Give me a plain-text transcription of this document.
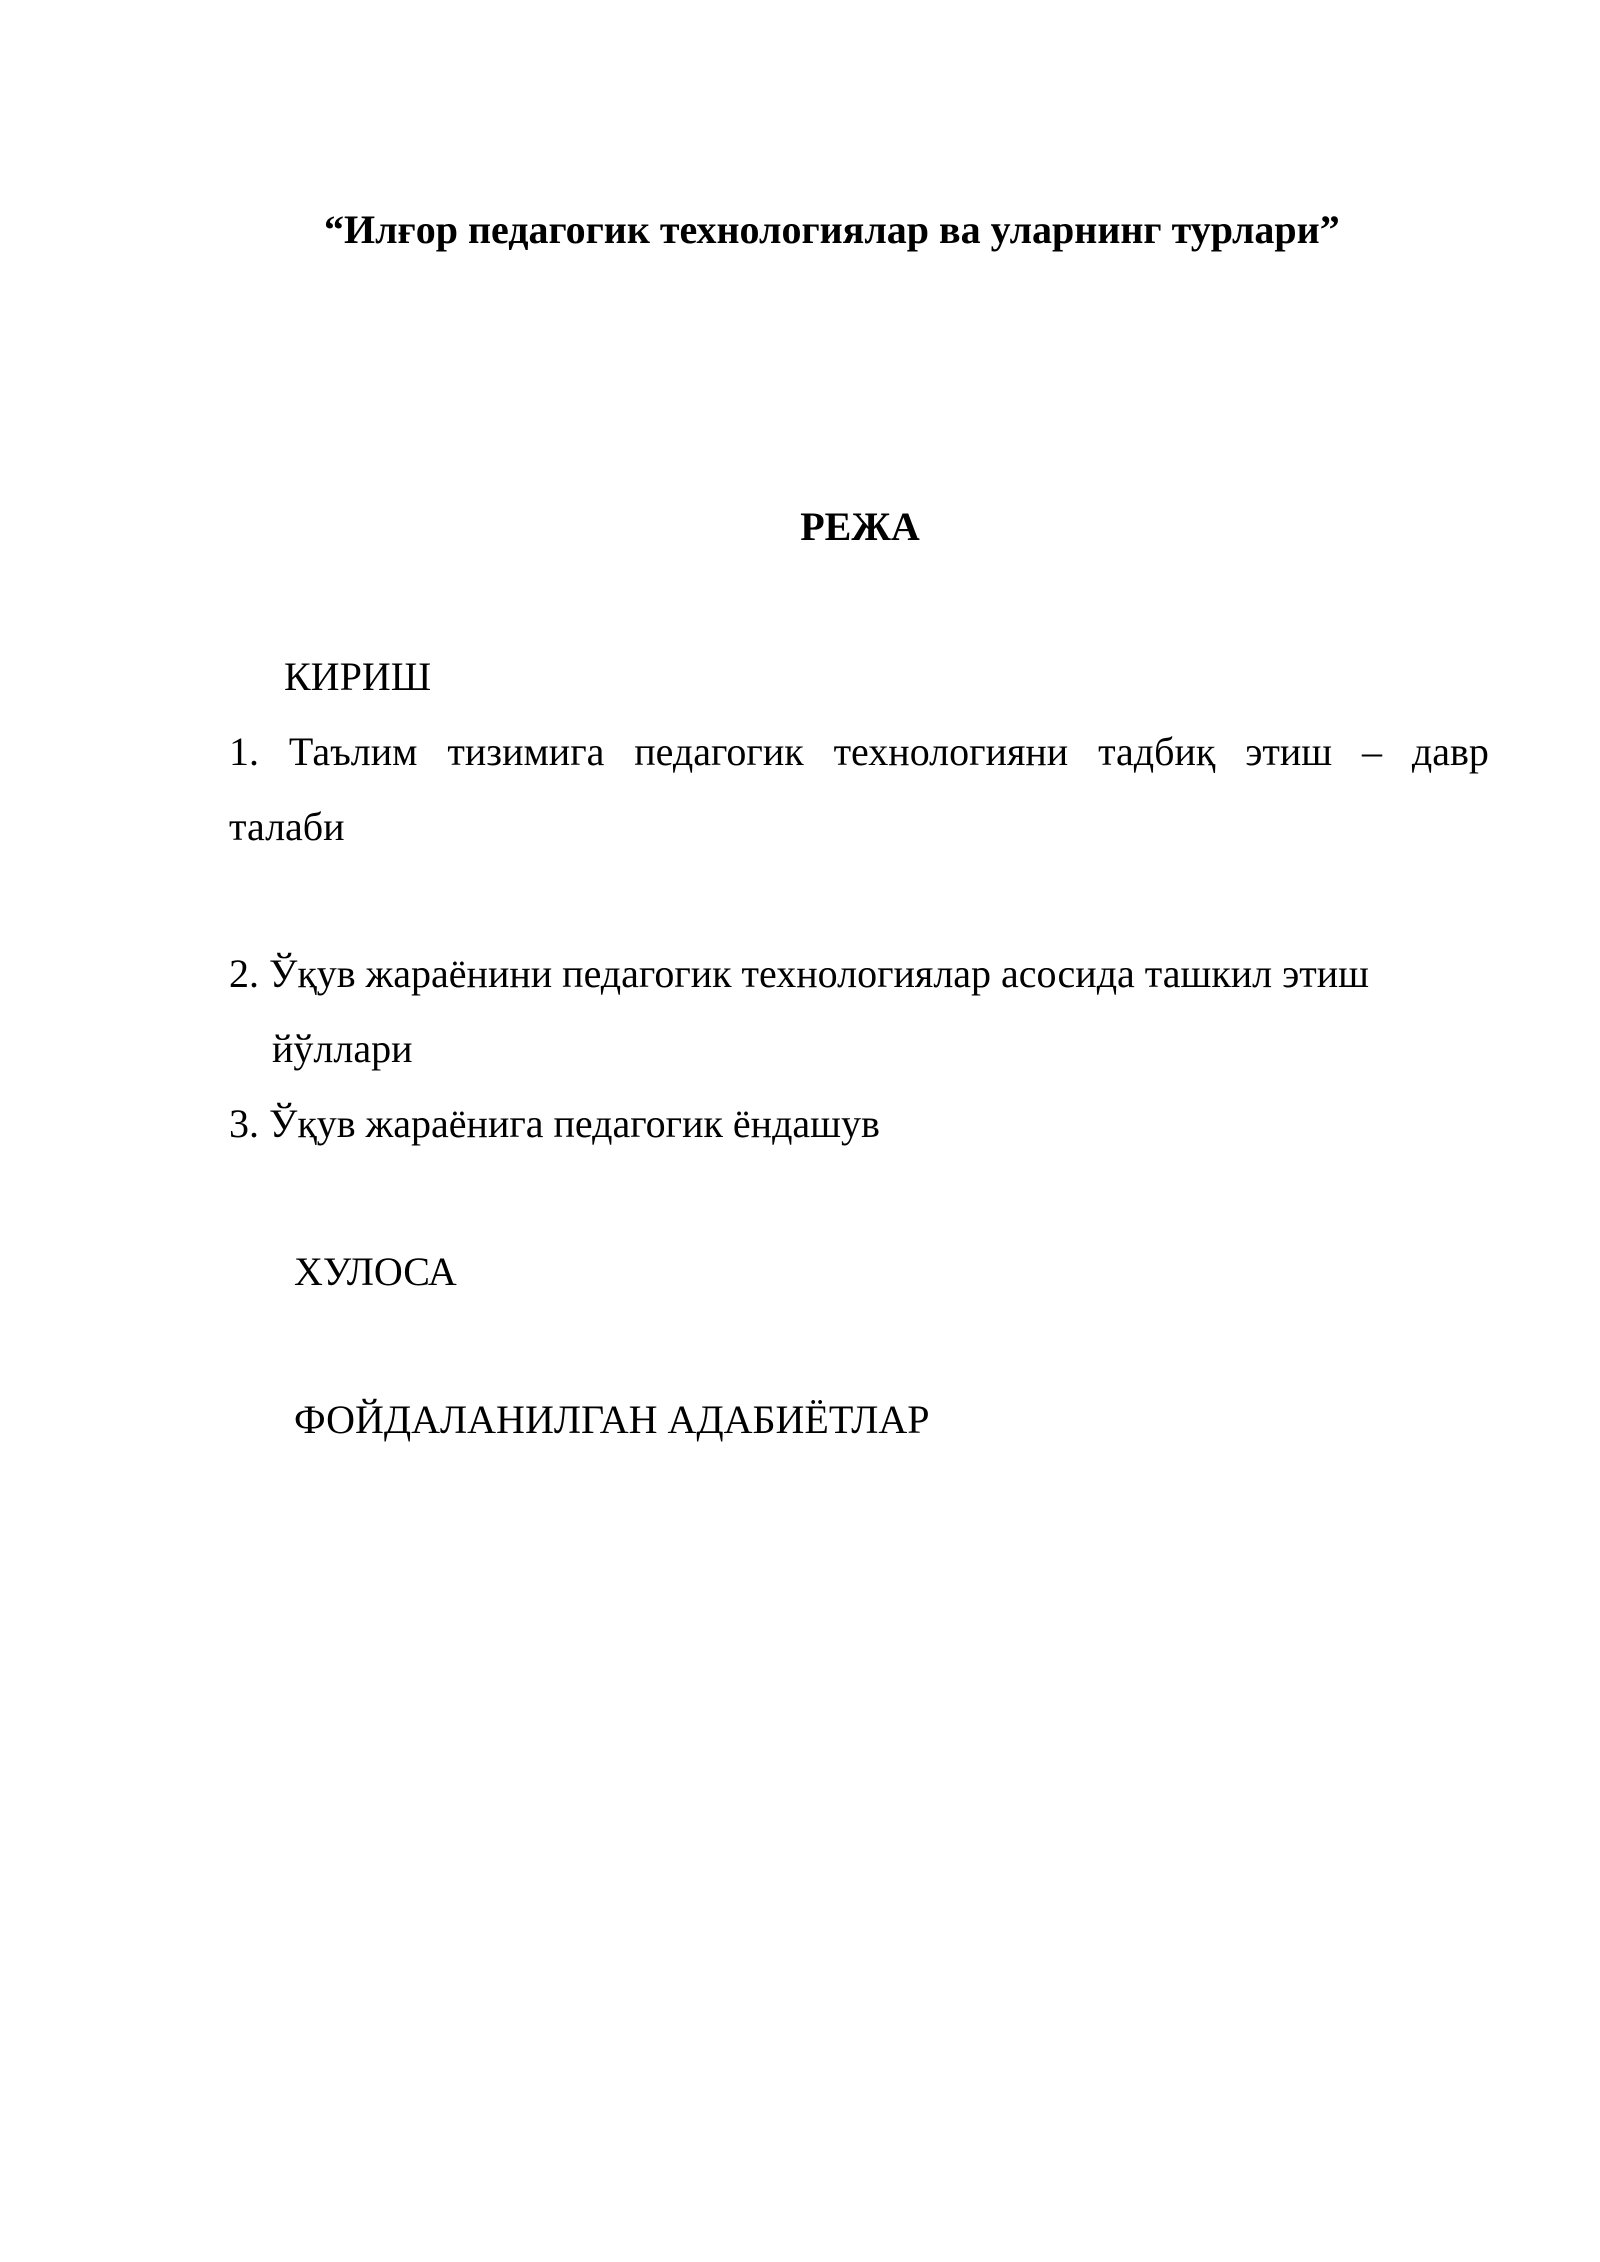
“Илғор педагогик технологиялар ва уларнинг турлари”
РЕЖА
КИРИШ
1. Таълим тизимига педагогик технологияни тадбиқ этиш – давр
талаби
2. Ўқув жараёнини педагогик технологиялар асосида ташкил этиш
йўллари
3. Ўқув жараёнига педагогик ёндашув
ХУЛОСА
ФОЙДАЛАНИЛГАН АДАБИЁТЛАР
